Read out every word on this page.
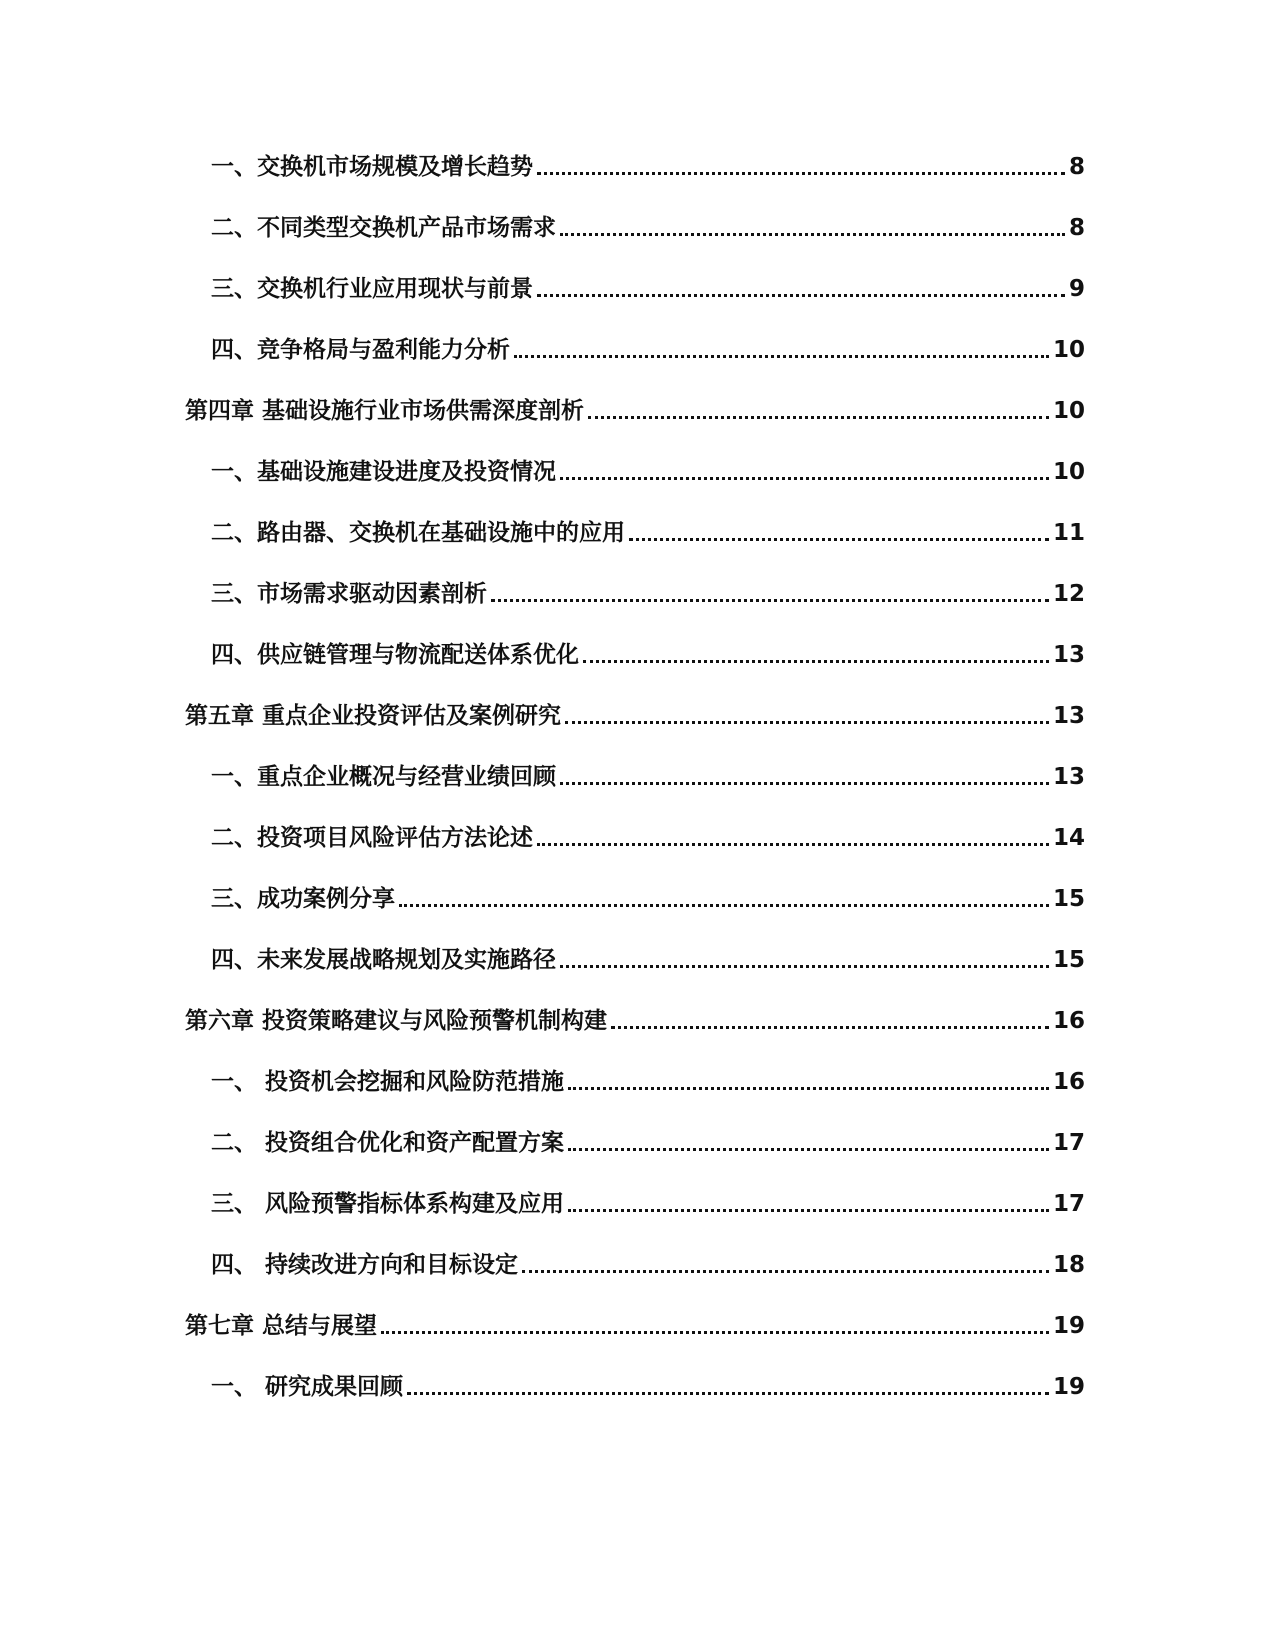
一、交换机市场规模及增长趋势	8
二、不同类型交换机产品市场需求	8
三、交换机行业应用现状与前景	9
四、竞争格局与盈利能力分析	10
第四章 基础设施行业市场供需深度剖析	10
一、基础设施建设进度及投资情况	10
二、路由器、交换机在基础设施中的应用	11
三、市场需求驱动因素剖析	12
四、供应链管理与物流配送体系优化	13
第五章 重点企业投资评估及案例研究	13
一、重点企业概况与经营业绩回顾	13
二、投资项目风险评估方法论述	14
三、成功案例分享	15
四、未来发展战略规划及实施路径	15
第六章 投资策略建议与风险预警机制构建	16
一、 投资机会挖掘和风险防范措施	16
二、 投资组合优化和资产配置方案	17
三、 风险预警指标体系构建及应用	17
四、 持续改进方向和目标设定	18
第七章 总结与展望	19
一、 研究成果回顾	19
